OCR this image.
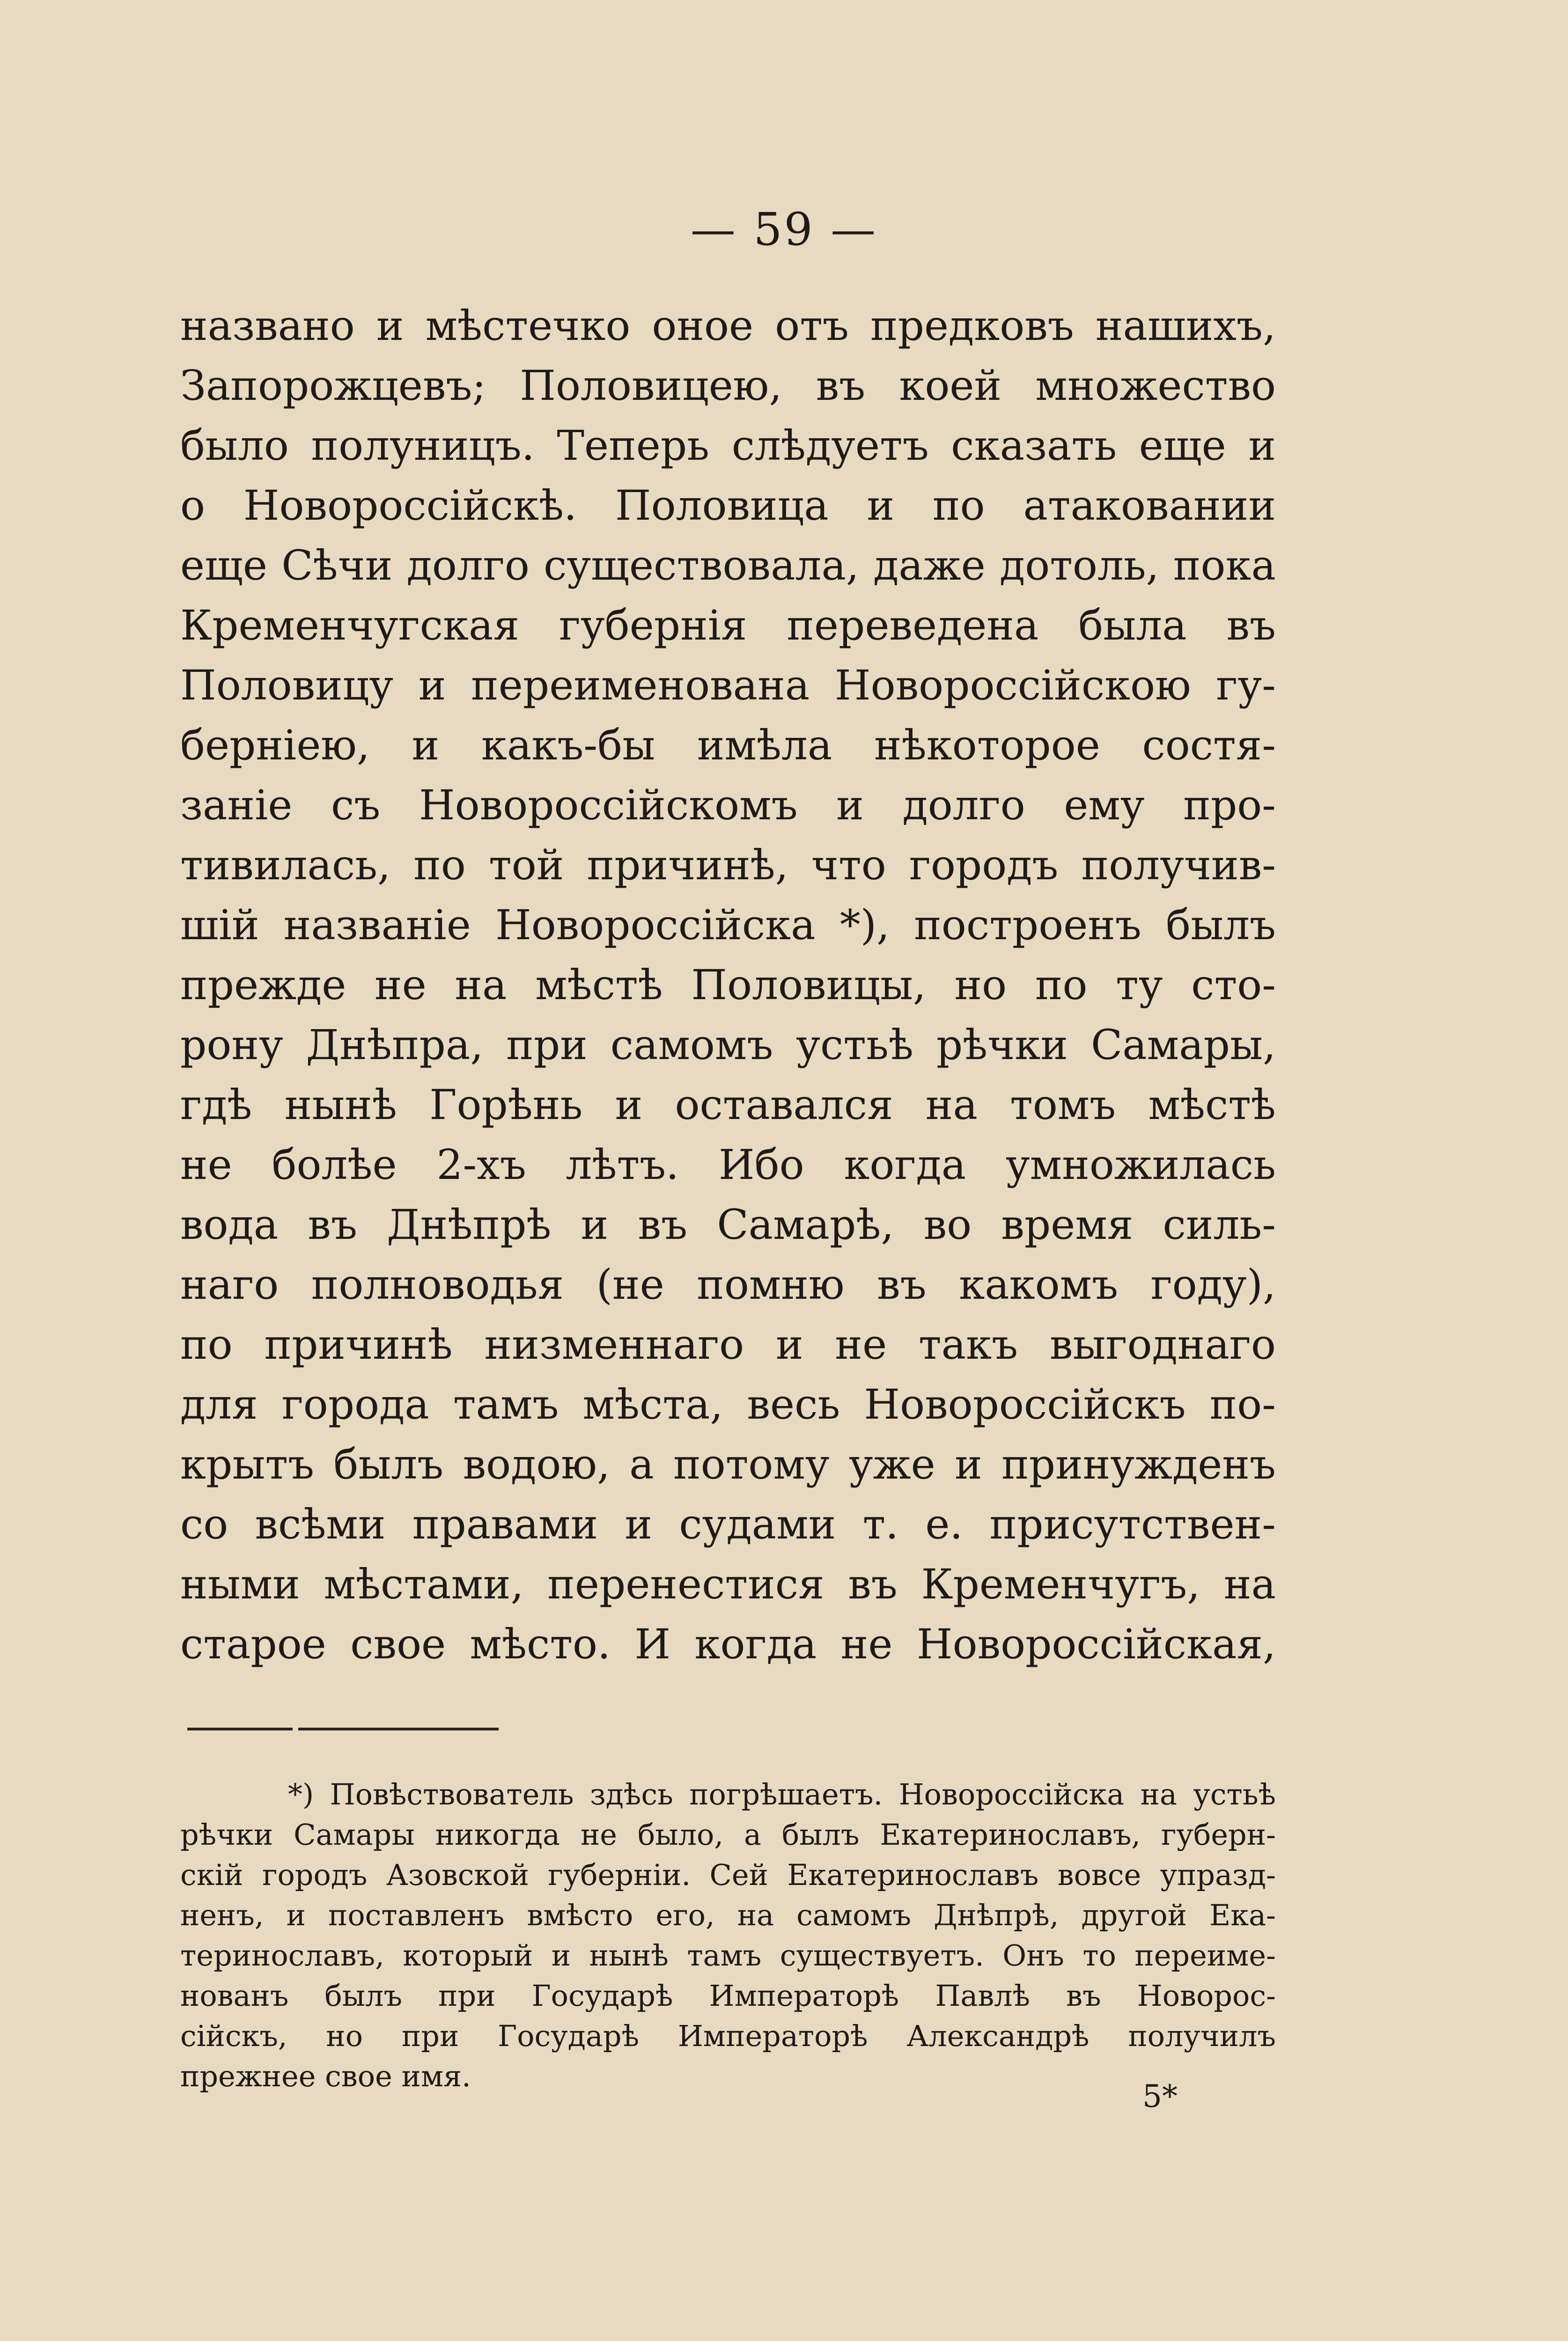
— 59 —
названо и мѣстечко оное отъ предковъ нашихъ,
Запорожцевъ; Половицею, въ коей множество
было полуницъ. Теперь слѣдуетъ сказать еще и
о Новороссійскѣ. Половица и по атаковании
еще Сѣчи долго существовала, даже дотоль, пока
Кременчугская губернія переведена была въ
Половицу и переименована Новороссійскою гу-
берніею, и какъ-бы имѣла нѣкоторое состя-
заніе съ Новороссійскомъ и долго ему про-
тивилась, по той причинѣ, что городъ получив-
шій названіе Новороссійска *), построенъ былъ
прежде не на мѣстѣ Половицы, но по ту сто-
рону Днѣпра, при самомъ устьѣ рѣчки Самары,
гдѣ нынѣ Горѣнь и оставался на томъ мѣстѣ
не болѣе 2-хъ лѣтъ. Ибо когда умножилась
вода въ Днѣпрѣ и въ Самарѣ, во время силь-
наго полноводья (не помню въ какомъ году),
по причинѣ низменнаго и не такъ выгоднаго
для города тамъ мѣста, весь Новороссійскъ по-
крытъ былъ водою, а потому уже и принужденъ
со всѣми правами и судами т. е. присутствен-
ными мѣстами, перенестися въ Кременчугъ, на
старое свое мѣсто. И когда не Новороссійская,
*) Повѣствователь здѣсь погрѣшаетъ. Новороссійска на устьѣ
рѣчки Самары никогда не было, а былъ Екатеринославъ, губерн-
скій городъ Азовской губерніи. Сей Екатеринославъ вовсе упразд-
ненъ, и поставленъ вмѣсто его, на самомъ Днѣпрѣ, другой Ека-
теринославъ, который и нынѣ тамъ существуетъ. Онъ то переиме-
нованъ былъ при Государѣ Императорѣ Павлѣ въ Новорос-
сійскъ, но при Государѣ Императорѣ Александрѣ получилъ
прежнее свое имя.
5*
